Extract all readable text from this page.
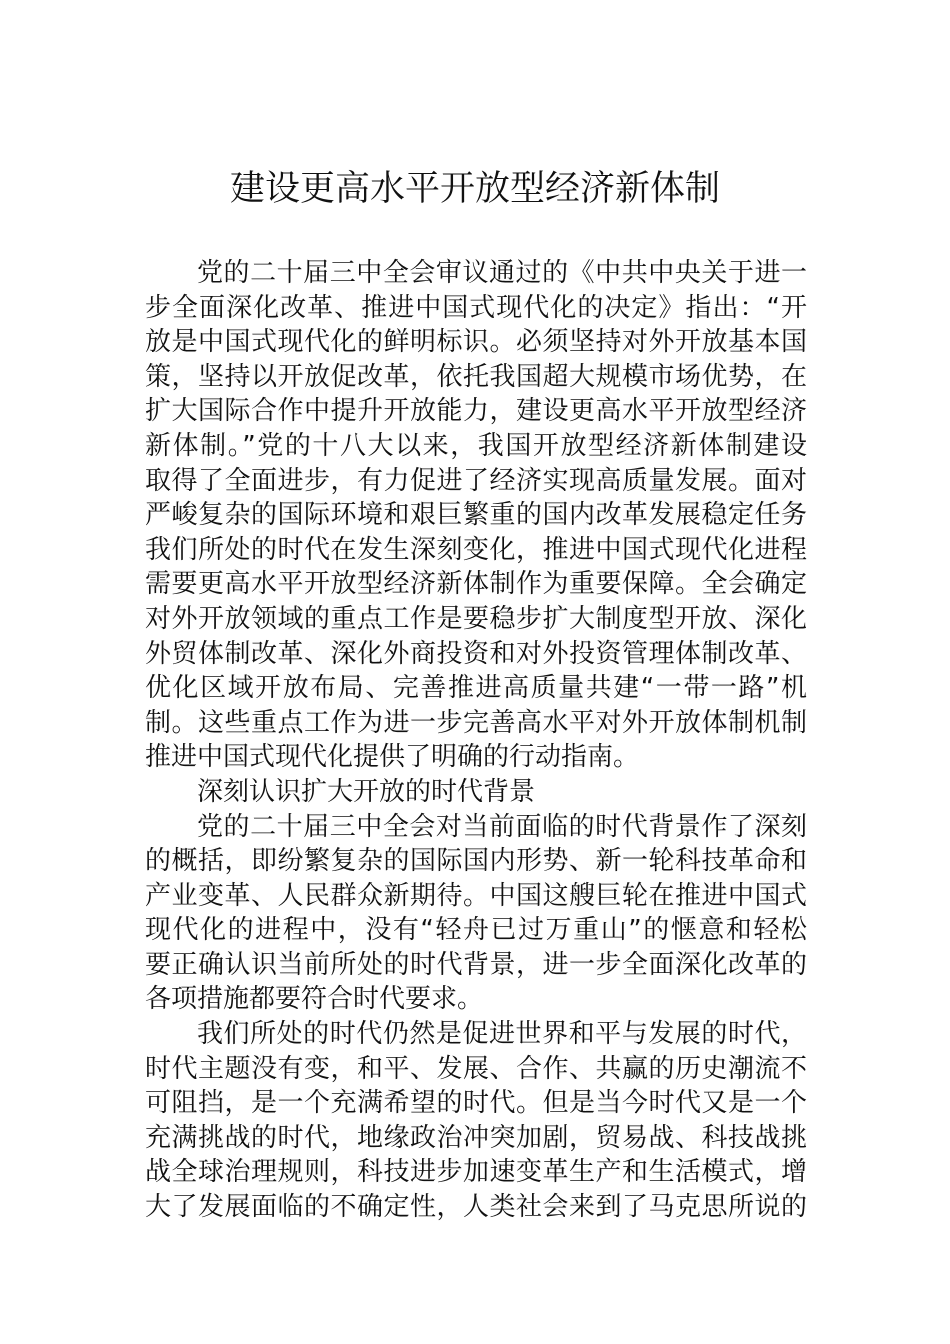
建设更高水平开放型经济新体制
党的二十届三中全会审议通过的《中共中央关于进一
步全面深化改革、推进中国式现代化的决定》指出：“开
放是中国式现代化的鲜明标识。必须坚持对外开放基本国
策，坚持以开放促改革，依托我国超大规模市场优势，在
扩大国际合作中提升开放能力，建设更高水平开放型经济
新体制。”党的十八大以来，我国开放型经济新体制建设
取得了全面进步，有力促进了经济实现高质量发展。面对
严峻复杂的国际环境和艰巨繁重的国内改革发展稳定任务
我们所处的时代在发生深刻变化，推进中国式现代化进程
需要更高水平开放型经济新体制作为重要保障。全会确定
对外开放领域的重点工作是要稳步扩大制度型开放、深化
外贸体制改革、深化外商投资和对外投资管理体制改革、
优化区域开放布局、完善推进高质量共建“一带一路”机
制。这些重点工作为进一步完善高水平对外开放体制机制
推进中国式现代化提供了明确的行动指南。
深刻认识扩大开放的时代背景
党的二十届三中全会对当前面临的时代背景作了深刻
的概括，即纷繁复杂的国际国内形势、新一轮科技革命和
产业变革、人民群众新期待。中国这艘巨轮在推进中国式
现代化的进程中，没有“轻舟已过万重山”的惬意和轻松
要正确认识当前所处的时代背景，进一步全面深化改革的
各项措施都要符合时代要求。
我们所处的时代仍然是促进世界和平与发展的时代，
时代主题没有变，和平、发展、合作、共赢的历史潮流不
可阻挡，是一个充满希望的时代。但是当今时代又是一个
充满挑战的时代，地缘政治冲突加剧，贸易战、科技战挑
战全球治理规则，科技进步加速变革生产和生活模式，增
大了发展面临的不确定性，人类社会来到了马克思所说的
